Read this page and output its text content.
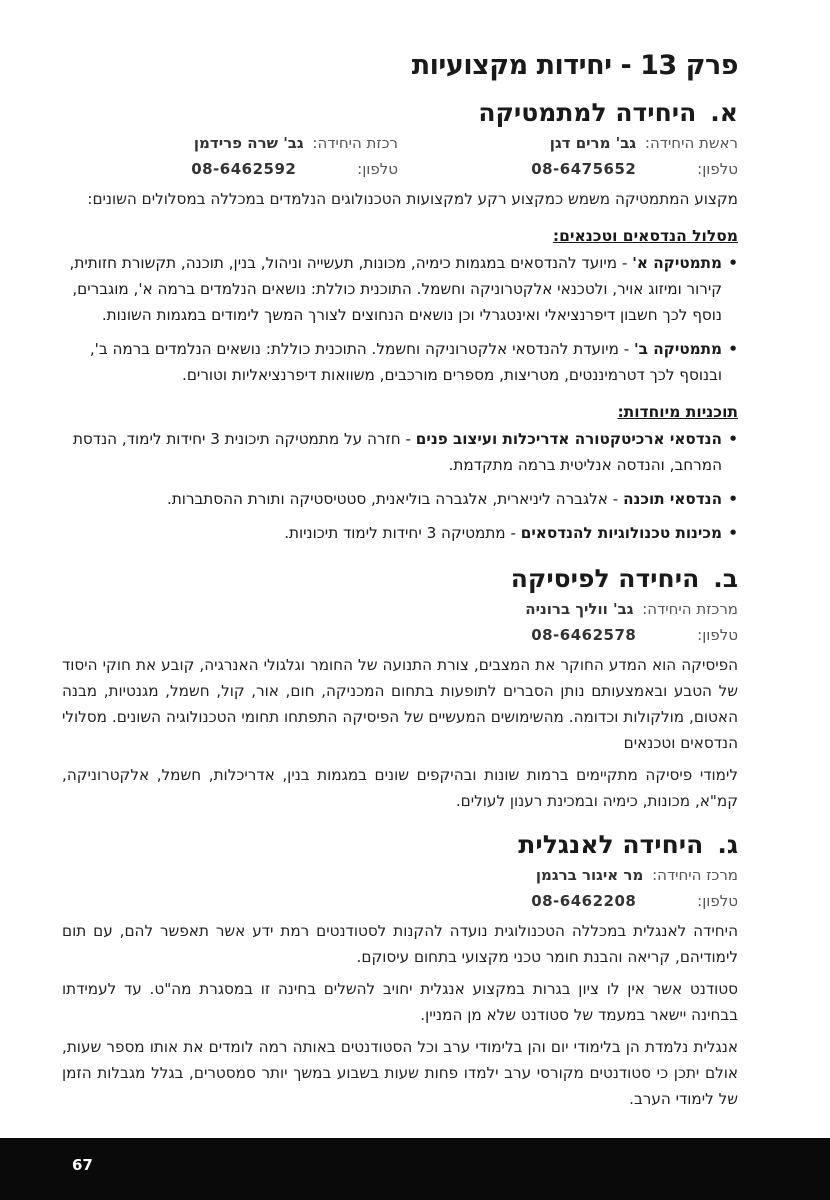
פרק 13 - יחידות מקצועיות
א.
היחידה למתמטיקה
ראשת היחידה: גב' מרים דגן
רכזת היחידה: גב' שרה פרידמן
טלפון: 08-6475652
טלפון: 08-6462592

מקצוע המתמטיקה משמש כמקצוע רקע למקצועות הטכנולוגים הנלמדים במכללה במסלולים השונים:

מסלול הנדסאים וטכנאים:
•
מתמטיקה א' - מיועד להנדסאים במגמות כימיה, מכונות, תעשייה וניהול, בנין, תוכנה, תקשורת חזותית, קירור ומיזוג אויר, ולטכנאי אלקטרוניקה וחשמל. התוכנית כוללת: נושאים הנלמדים ברמה א', מוגברים, נוסף לכך חשבון דיפרנציאלי ואינטגרלי וכן נושאים הנחוצים לצורך המשך לימודים במגמות השונות.
•
מתמטיקה ב' - מיועדת להנדסאי אלקטרוניקה וחשמל. התוכנית כוללת: נושאים הנלמדים ברמה ב', ובנוסף לכך דטרמיננטים, מטריצות, מספרים מורכבים, משוואות דיפרנציאליות וטורים.
תוכניות מיוחדות:
•
הנדסאי ארכיטקטורה אדריכלות ועיצוב פנים - חזרה על מתמטיקה תיכונית 3 יחידות לימוד, הנדסת המרחב, והנדסה אנליטית ברמה מתקדמת.
•
הנדסאי תוכנה - אלגברה ליניארית, אלגברה בוליאנית, סטטיסטיקה ותורת ההסתברות.
•
מכינות טכנולוגיות להנדסאים - מתמטיקה 3 יחידות לימוד תיכוניות.
ב.
היחידה לפיסיקה
מרכזת היחידה: גב' ווליך ברוניה
טלפון: 08-6462578

הפיסיקה הוא המדע החוקר את המצבים, צורת התנועה של החומר וגלגולי האנרגיה, קובע את חוקי היסוד של הטבע ובאמצעותם נותן הסברים לתופעות בתחום המכניקה, חום, אור, קול, חשמל, מגנטיות, מבנה האטום, מולקולות וכדומה. מהשימושים המעשיים של הפיסיקה התפתחו תחומי הטכנולוגיה השונים. מסלולי הנדסאים וטכנאים

לימודי פיסיקה מתקיימים ברמות שונות ובהיקפים שונים במגמות בנין, אדריכלות, חשמל, אלקטרוניקה, קמ"א, מכונות, כימיה ובמכינת רענון לעולים.

ג.
היחידה לאנגלית
מרכז היחידה: מר איגור ברגמן
טלפון: 08-6462208

היחידה לאנגלית במכללה הטכנולוגית נועדה להקנות לסטודנטים רמת ידע אשר תאפשר להם, עם תום לימודיהם, קריאה והבנת חומר טכני מקצועי בתחום עיסוקם.

סטודנט אשר אין לו ציון בגרות במקצוע אנגלית יחויב להשלים בחינה זו במסגרת מה"ט. עד לעמידתו בבחינה יישאר במעמד של סטודנט שלא מן המניין.

אנגלית נלמדת הן בלימודי יום והן בלימודי ערב וכל הסטודנטים באותה רמה לומדים את אותו מספר שעות, אולם יתכן כי סטודנטים מקורסי ערב ילמדו פחות שעות בשבוע במשך יותר סמסטרים, בגלל מגבלות הזמן של לימודי הערב.

67
